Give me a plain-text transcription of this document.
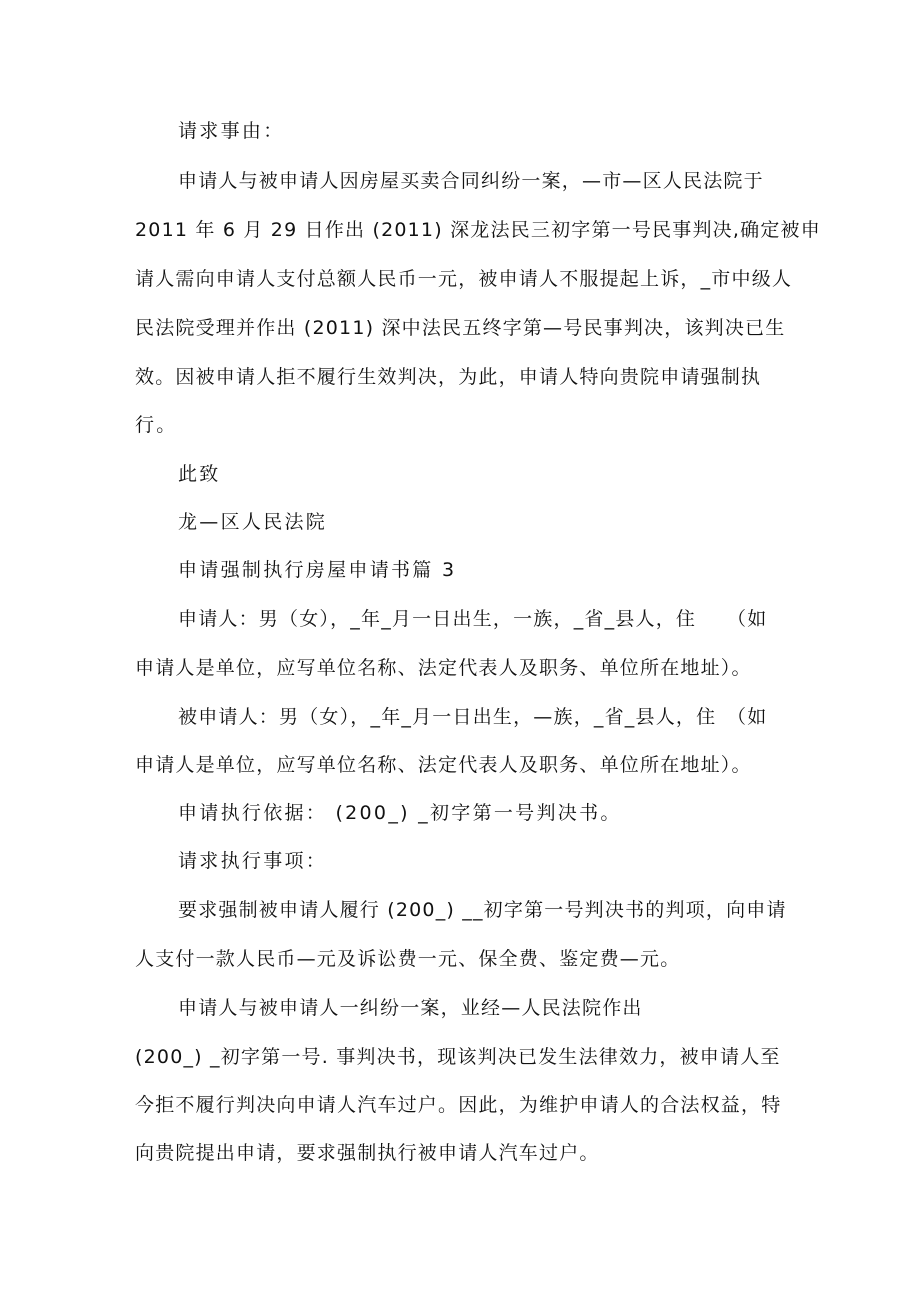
请求事由：
申请人与被申请人因房屋买卖合同纠纷一案，—市—区人民法院于
2011 年 6 月 29 日作出 (2011) 深龙法民三初字第一号民事判决,确定被申
请人需向申请人支付总额人民币一元，被申请人不服提起上诉，_市中级人
民法院受理并作出 (2011) 深中法民五终字第—号民事判决，该判决已生
效。因被申请人拒不履行生效判决，为此，申请人特向贵院申请强制执
行。
此致
龙—区人民法院
申请强制执行房屋申请书篇 3
申请人：男（女），_年_月一日出生，一族，_省_县人，住　　（如
申请人是单位，应写单位名称、法定代表人及职务、单位所在地址）。
被申请人：男（女），_年_月一日出生，—族，_省_县人，住　（如
申请人是单位，应写单位名称、法定代表人及职务、单位所在地址）。
申请执行依据： (200_) _初字第一号判决书。
请求执行事项：
要求强制被申请人履行 (200_) __初字第一号判决书的判项，向申请
人支付一款人民币—元及诉讼费一元、保全费、鉴定费—元。
申请人与被申请人一纠纷一案，业经—人民法院作出
(200_) _初字第一号. 事判决书，现该判决已发生法律效力，被申请人至
今拒不履行判决向申请人汽车过户。因此，为维护申请人的合法权益，特
向贵院提出申请，要求强制执行被申请人汽车过户。
